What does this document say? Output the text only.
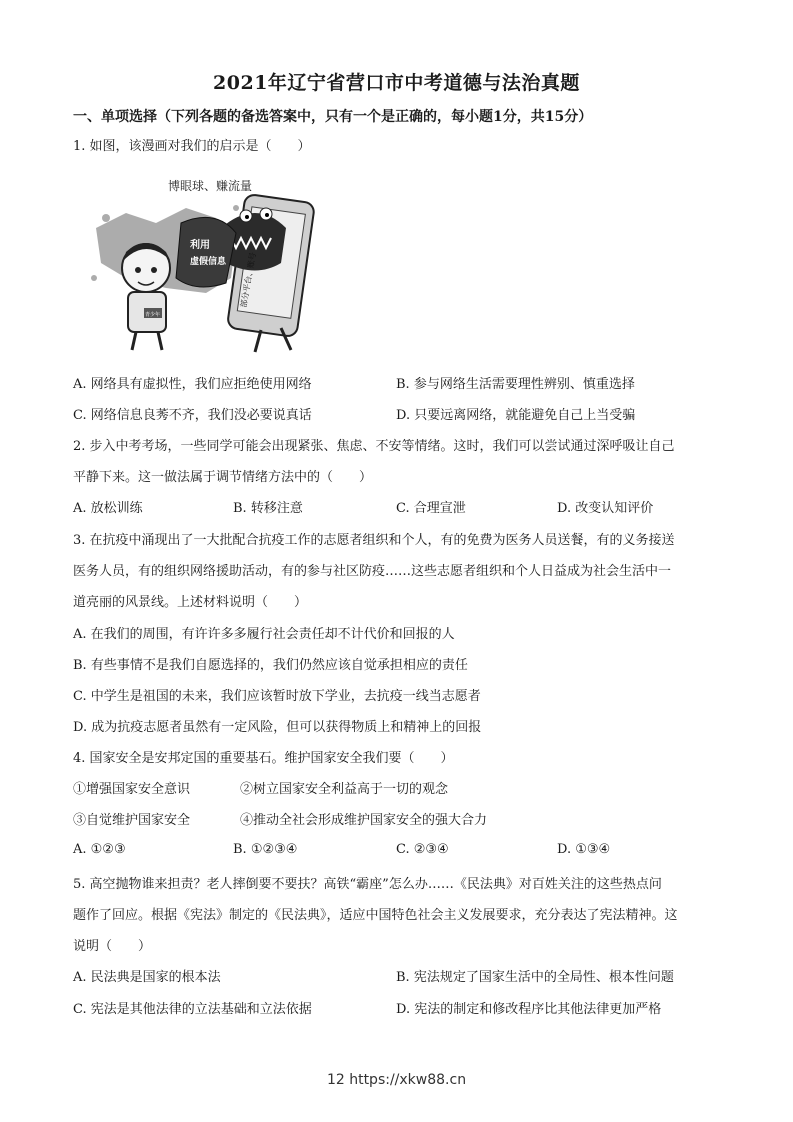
2021年辽宁省营口市中考道德与法治真题
一、单项选择（下列各题的备选答案中，只有一个是正确的，每小题1分，共15分）
1. 如图，该漫画对我们的启示是（　　）
博眼球、赚流量
部分平台、账号
利用
虚假信息
青少年
A. 网络具有虚拟性，我们应拒绝使用网络	B. 参与网络生活需要理性辨别、慎重选择
C. 网络信息良莠不齐，我们没必要说真话	D. 只要远离网络，就能避免自己上当受骗
2. 步入中考考场，一些同学可能会出现紧张、焦虑、不安等情绪。这时，我们可以尝试通过深呼吸让自己
平静下来。这一做法属于调节情绪方法中的（　　）
A. 放松训练	B. 转移注意	C. 合理宣泄	D. 改变认知评价
3. 在抗疫中涌现出了一大批配合抗疫工作的志愿者组织和个人，有的免费为医务人员送餐，有的义务接送
医务人员，有的组织网络援助活动，有的参与社区防疫……这些志愿者组织和个人日益成为社会生活中一
道亮丽的风景线。上述材料说明（　　）
A. 在我们的周围，有许许多多履行社会责任却不计代价和回报的人
B. 有些事情不是我们自愿选择的，我们仍然应该自觉承担相应的责任
C. 中学生是祖国的未来，我们应该暂时放下学业，去抗疫一线当志愿者
D. 成为抗疫志愿者虽然有一定风险，但可以获得物质上和精神上的回报
4. 国家安全是安邦定国的重要基石。维护国家安全我们要（　　）
①增强国家安全意识	②树立国家安全利益高于一切的观念
③自觉维护国家安全	④推动全社会形成维护国家安全的强大合力
A. ①②③	B. ①②③④	C. ②③④	D. ①③④
5. 高空抛物谁来担责？老人摔倒要不要扶？高铁“霸座”怎么办……《民法典》对百姓关注的这些热点问
题作了回应。根据《宪法》制定的《民法典》，适应中国特色社会主义发展要求，充分表达了宪法精神。这
说明（　　）
A. 民法典是国家的根本法	B. 宪法规定了国家生活中的全局性、根本性问题
C. 宪法是其他法律的立法基础和立法依据	D. 宪法的制定和修改程序比其他法律更加严格
12 https://xkw88.cn
